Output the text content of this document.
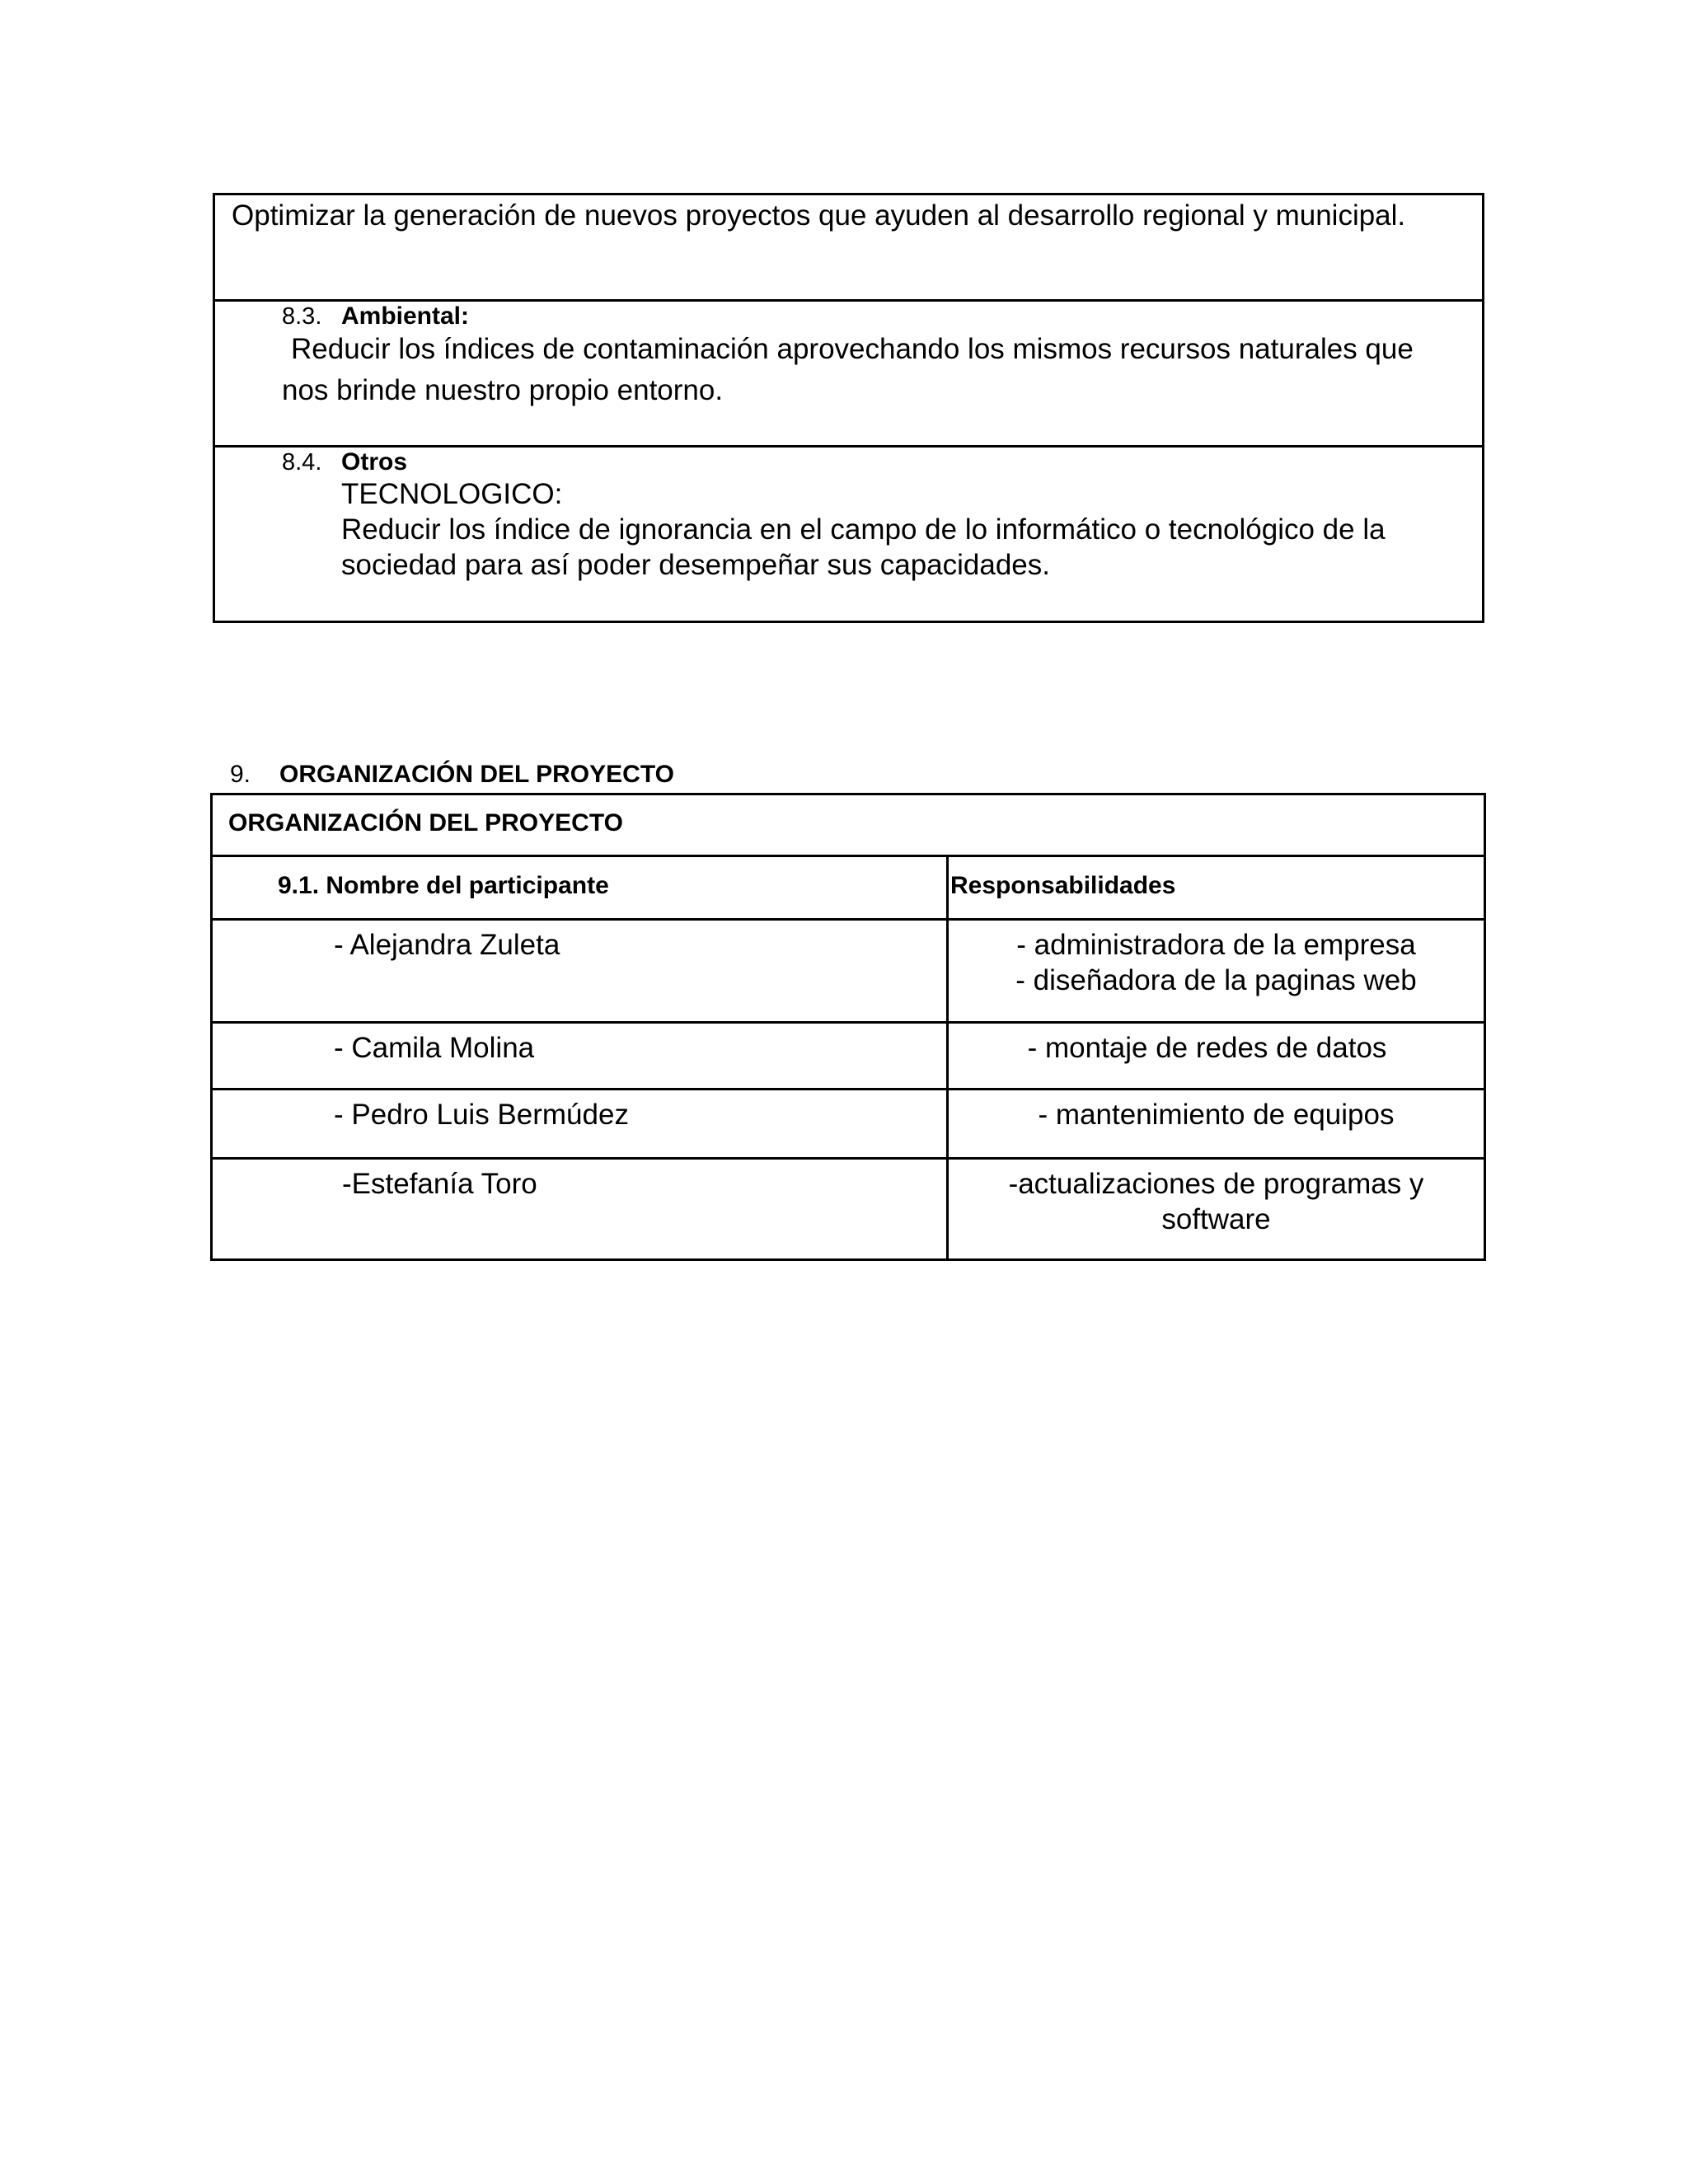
Optimizar la generación de nuevos proyectos que ayuden al desarrollo regional y municipal.
8.3. Ambiental:
Reducir los índices de contaminación aprovechando los mismos recursos naturales que
nos brinde nuestro propio entorno.
8.4. Otros
TECNOLOGICO:
Reducir los índice de ignorancia en el campo de lo informático o tecnológico de la
sociedad para así poder desempeñar sus capacidades.
9. ORGANIZACIÓN DEL PROYECTO
ORGANIZACIÓN DEL PROYECTO
9.1. Nombre del participante	Responsabilidades
- Alejandra Zuleta	- administradora de la empresa
- diseñadora de la paginas web
- Camila Molina	- montaje de redes de datos
- Pedro Luis Bermúdez	- mantenimiento de equipos
-Estefanía Toro	-actualizaciones de programas y
software
